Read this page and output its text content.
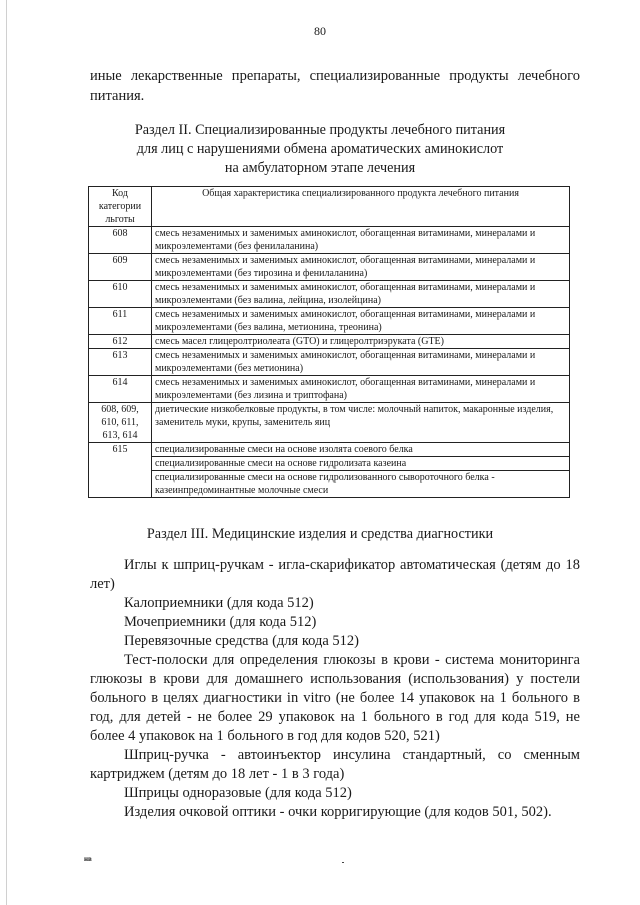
80
иные лекарственные препараты, специализированные продукты лечебного питания.
Раздел II. Специализированные продукты лечебного питания
для лиц с нарушениями обмена ароматических аминокислот
на амбулаторном этапе лечения
Код категории льготы	Общая характеристика специализированного продукта лечебного питания
608	смесь незаменимых и заменимых аминокислот, обогащенная витаминами, минералами и микроэлементами (без фенилаланина)
609	смесь незаменимых и заменимых аминокислот, обогащенная витаминами, минералами и микроэлементами (без тирозина и фенилаланина)
610	смесь незаменимых и заменимых аминокислот, обогащенная витаминами, минералами и микроэлементами (без валина, лейцина, изолейцина)
611	смесь незаменимых и заменимых аминокислот, обогащенная витаминами, минералами и микроэлементами (без валина, метионина, треонина)
612	смесь масел глицеролтриолеата (GTO) и глицеролтриэруката (GTE)
613	смесь незаменимых и заменимых аминокислот, обогащенная витаминами, минералами и микроэлементами (без метионина)
614	смесь незаменимых и заменимых аминокислот, обогащенная витаминами, минералами и микроэлементами (без лизина и триптофана)
608, 609, 610, 611, 613, 614	диетические низкобелковые продукты, в том числе: молочный напиток, макаронные изделия, заменитель муки, крупы, заменитель яиц
615	специализированные смеси на основе изолята соевого белка
	специализированные смеси на основе гидролизата казеина
	специализированные смеси на основе гидролизованного сывороточного белка - казеинпредоминантные молочные смеси
Раздел III. Медицинские изделия и средства диагностики

Иглы к шприц-ручкам - игла-скарификатор автоматическая (детям до 18 лет)

Калоприемники (для кода 512)

Мочеприемники (для кода 512)

Перевязочные средства (для кода 512)

Тест-полоски для определения глюкозы в крови - система мониторинга глюкозы в крови для домашнего использования (использования) у постели больного в целях диагностики in vitro (не более 14 упаковок на 1 больного в год, для детей - не более 29 упаковок на 1 больного в год для кода 519, не более 4 упаковок на 1 больного в год для кодов 520, 521)

Шприц-ручка - автоинъектор инсулина стандартный, со сменным картриджем (детям до 18 лет - 1 в 3 года)

Шприцы одноразовые (для кода 512)

Изделия очковой оптики - очки корригирующие (для кодов 501, 502).

нв
